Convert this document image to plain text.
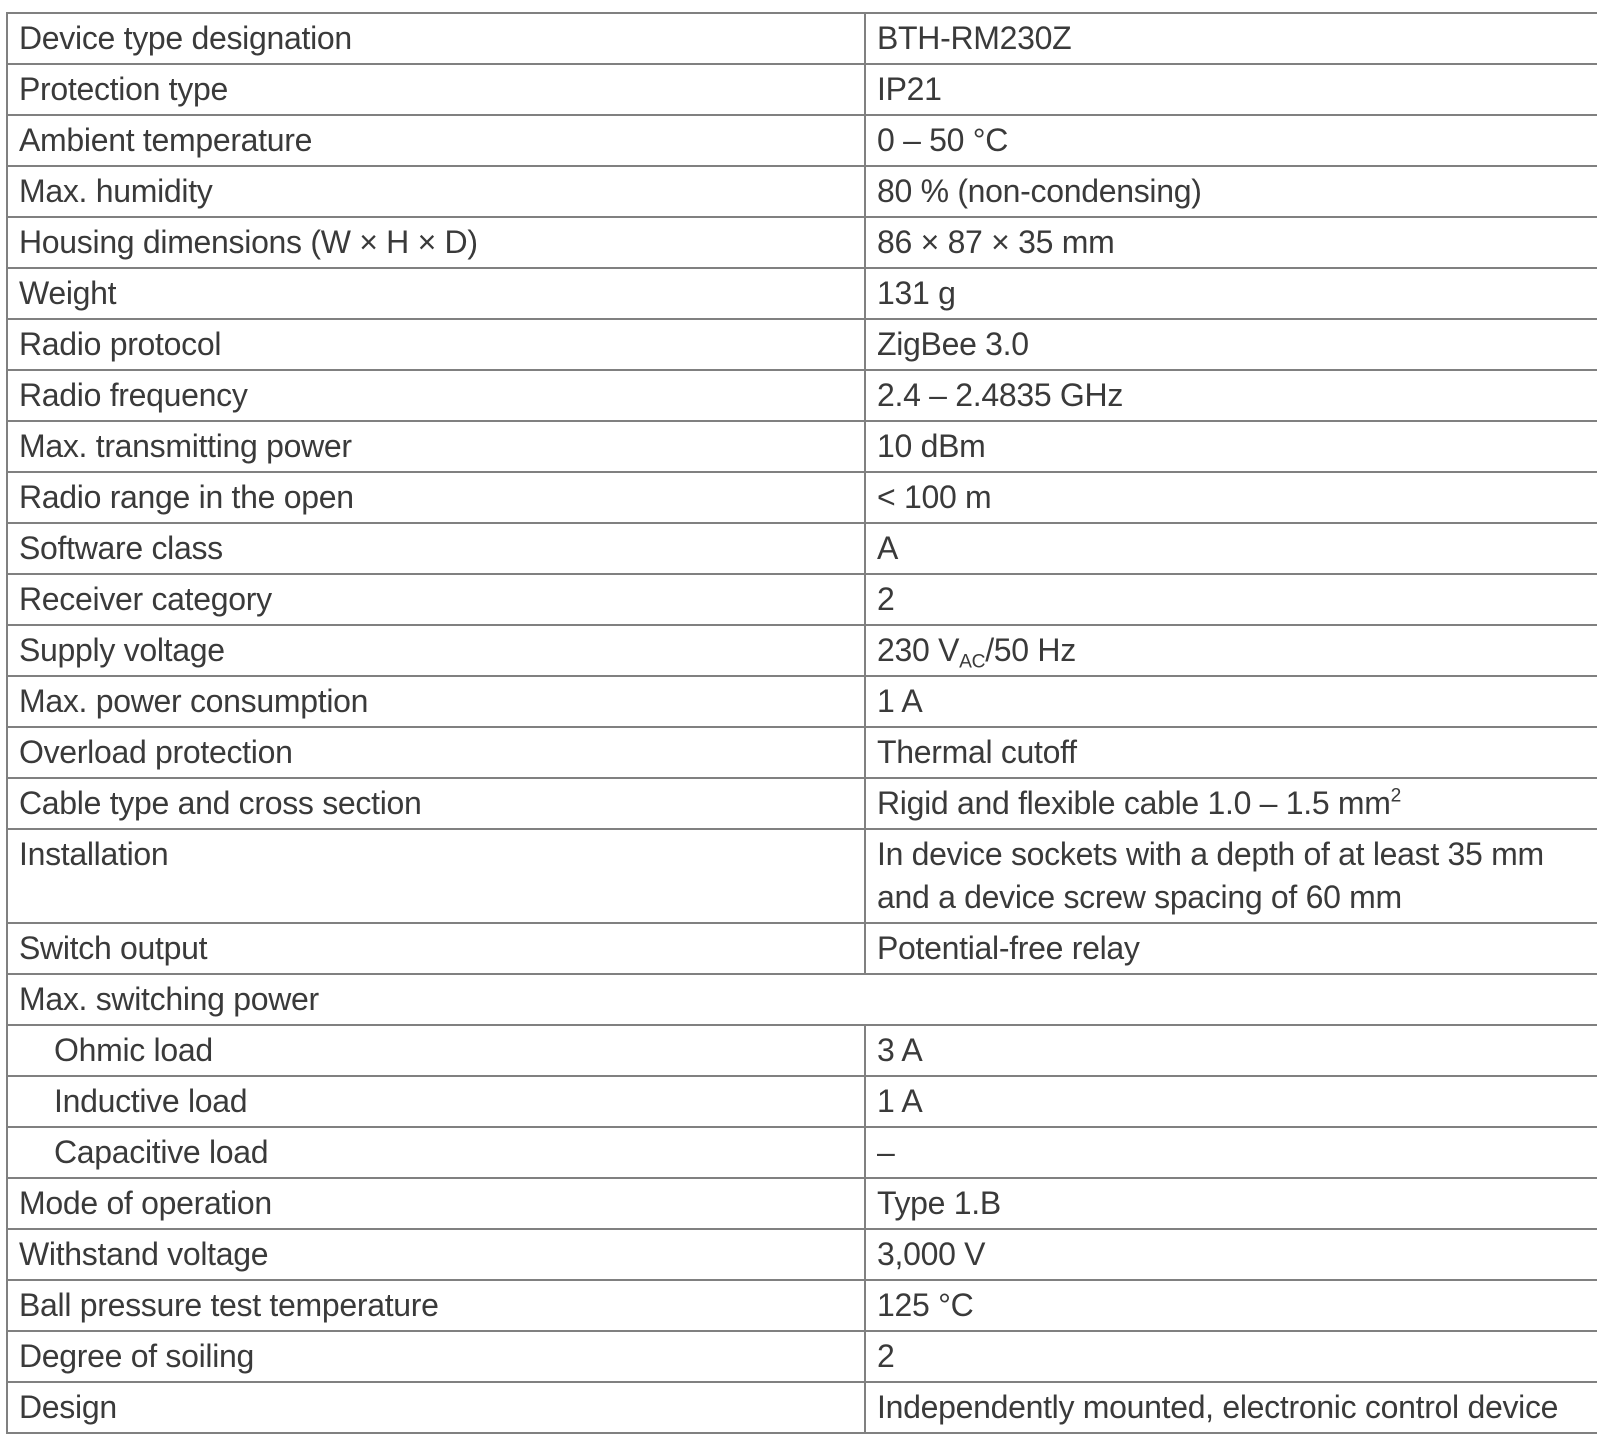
Device type designation	BTH-RM230Z
Protection type	IP21
Ambient temperature	0 – 50 °C
Max. humidity	80 % (non-condensing)
Housing dimensions (W × H × D)	86 × 87 × 35 mm
Weight	131 g
Radio protocol	ZigBee 3.0
Radio frequency	2.4 – 2.4835 GHz
Max. transmitting power	10 dBm
Radio range in the open	< 100 m
Software class	A
Receiver category	2
Supply voltage	230 $V_{AC}/50$ Hz
Max. power consumption	1 A
Overload protection	Thermal cutoff
Cable type and cross section	Rigid and flexible cable 1.0 – 1.5 $mm^2$
Installation	In device sockets with a depth of at least 35 mm and a device screw spacing of 60 mm
Switch output	Potential-free relay
Max. switching power	
Ohmic load	3 A
Inductive load	1 A
Capacitive load	–
Mode of operation	Type 1.B
Withstand voltage	3,000 V
Ball pressure test temperature	125 °C
Degree of soiling	2
Design	Independently mounted, electronic control device
